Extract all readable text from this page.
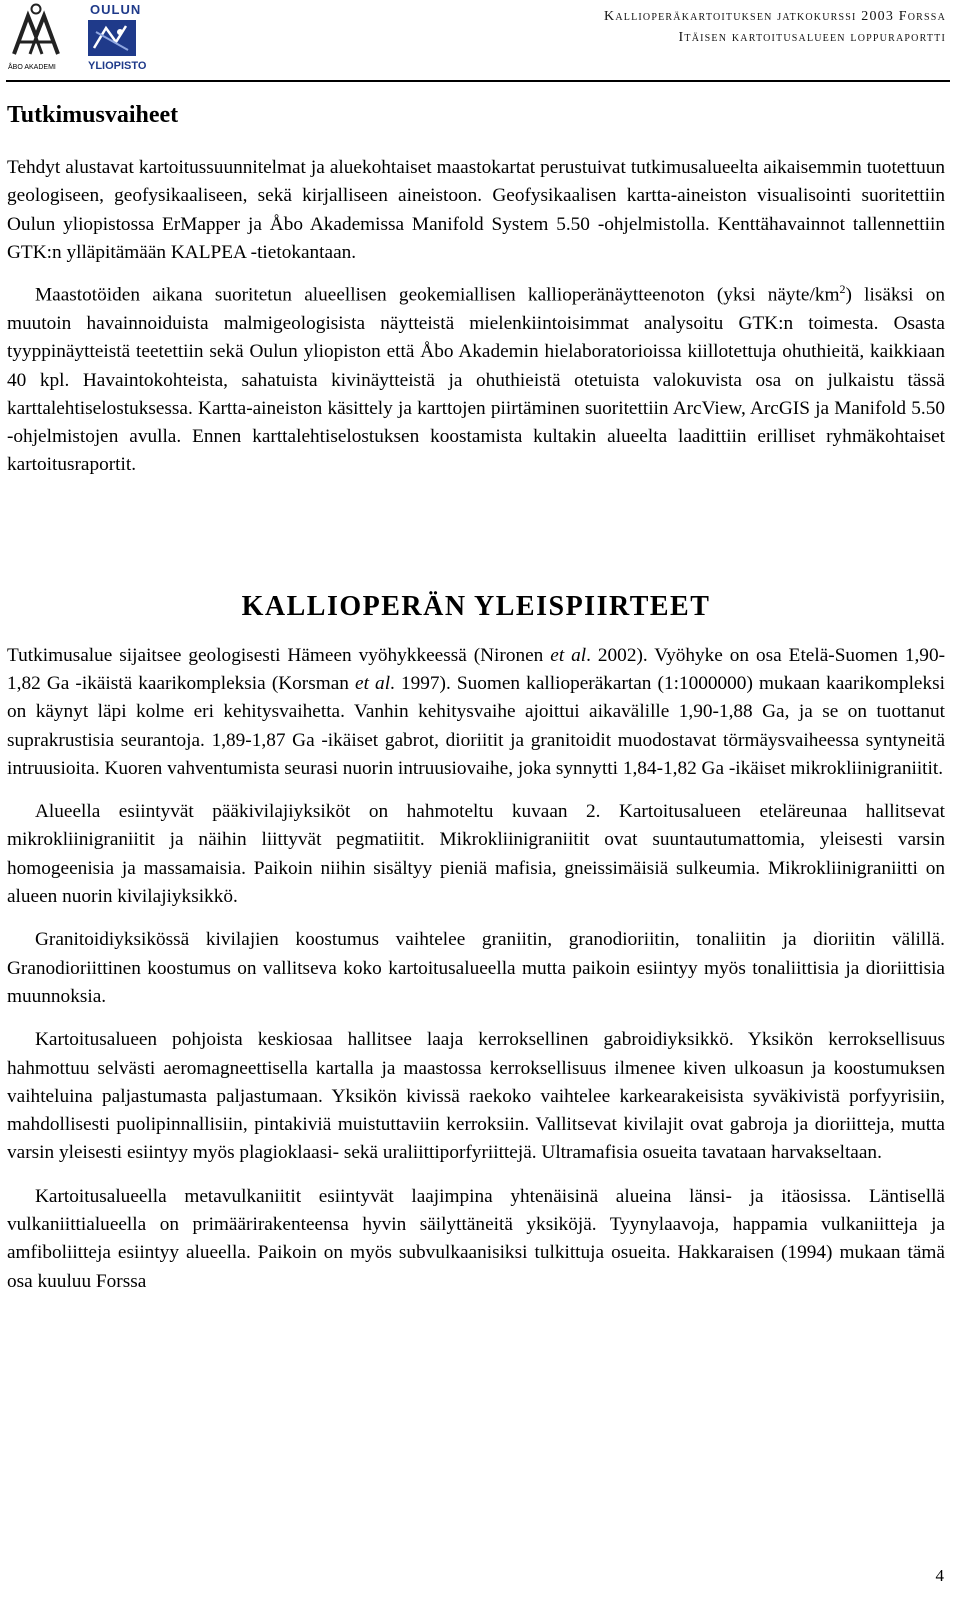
ÅBO AKADEMI
OULUN
YLIOPISTO
Kallioperäkartoituksen jatkokurssi 2003 Forssa
Itäisen kartoitusalueen loppuraportti
Tutkimusvaiheet

Tehdyt alustavat kartoitussuunnitelmat ja aluekohtaiset maastokartat perustuivat tutkimusalueelta aikaisemmin tuotettuun geologiseen, geofysikaaliseen, sekä kirjalliseen aineistoon. Geofysikaalisen kartta-aineiston visualisointi suoritettiin Oulun yliopistossa ErMapper ja Åbo Akademissa Manifold System 5.50 -ohjelmistolla. Kenttähavainnot tallennettiin GTK:n ylläpitämään KALPEA -tietokantaan.

Maastotöiden aikana suoritetun alueellisen geokemiallisen kallioperänäytteenoton (yksi näyte/$km^2$) lisäksi on muutoin havainnoiduista malmigeologisista näytteistä mielenkiintoisimmat analysoitu GTK:n toimesta. Osasta tyyppinäytteistä teetettiin sekä Oulun yliopiston että Åbo Akademin hielaboratorioissa kiillotettuja ohuthieitä, kaikkiaan 40 kpl. Havaintokohteista, sahatuista kivinäytteistä ja ohuthieistä otetuista valokuvista osa on julkaistu tässä karttalehtiselostuksessa. Kartta-aineiston käsittely ja karttojen piirtäminen suoritettiin ArcView, ArcGIS ja Manifold 5.50 -ohjelmistojen avulla. Ennen karttalehtiselostuksen koostamista kultakin alueelta laadittiin erilliset ryhmäkohtaiset kartoitusraportit.

KALLIOPERÄN YLEISPIIRTEET

Tutkimusalue sijaitsee geologisesti Hämeen vyöhykkeessä (Nironen et al. 2002). Vyöhyke on osa Etelä-Suomen 1,90-1,82 Ga -ikäistä kaarikompleksia (Korsman et al. 1997). Suomen kallioperäkartan (1:1000000) mukaan kaarikompleksi on käynyt läpi kolme eri kehitysvaihetta. Vanhin kehitysvaihe ajoittui aikavälille 1,90-1,88 Ga, ja se on tuottanut suprakrustisia seurantoja. 1,89-1,87 Ga -ikäiset gabrot, dioriitit ja granitoidit muodostavat törmäysvaiheessa syntyneitä intruusioita. Kuoren vahventumista seurasi nuorin intruusiovaihe, joka synnytti 1,84-1,82 Ga -ikäiset mikrokliinigraniitit.

Alueella esiintyvät pääkivilajiyksiköt on hahmoteltu kuvaan 2. Kartoitusalueen eteläreunaa hallitsevat mikrokliinigraniitit ja näihin liittyvät pegmatiitit. Mikrokliinigraniitit ovat suuntautumattomia, yleisesti varsin homogeenisia ja massamaisia. Paikoin niihin sisältyy pieniä mafisia, gneissimäisiä sulkeumia. Mikrokliinigraniitti on alueen nuorin kivilajiyksikkö.

Granitoidiyksikössä kivilajien koostumus vaihtelee graniitin, granodioriitin, tonaliitin ja dioriitin välillä. Granodioriittinen koostumus on vallitseva koko kartoitusalueella mutta paikoin esiintyy myös tonaliittisia ja dioriittisia muunnoksia.

Kartoitusalueen pohjoista keskiosaa hallitsee laaja kerroksellinen gabroidiyksikkö. Yksikön kerroksellisuus hahmottuu selvästi aeromagneettisella kartalla ja maastossa kerroksellisuus ilmenee kiven ulkoasun ja koostumuksen vaihteluina paljastumasta paljastumaan. Yksikön kivissä raekoko vaihtelee karkearakeisista syväkivistä porfyyrisiin, mahdollisesti puolipinnallisiin, pintakiviä muistuttaviin kerroksiin. Vallitsevat kivilajit ovat gabroja ja dioriitteja, mutta varsin yleisesti esiintyy myös plagioklaasi- sekä uraliittiporfyriittejä. Ultramafisia osueita tavataan harvakseltaan.

Kartoitusalueella metavulkaniitit esiintyvät laajimpina yhtenäisinä alueina länsi- ja itäosissa. Läntisellä vulkaniittialueella on primäärirakenteensa hyvin säilyttäneitä yksiköjä. Tyynylaavoja, happamia vulkaniitteja ja amfiboliitteja esiintyy alueella. Paikoin on myös subvulkaanisiksi tulkittuja osueita. Hakkaraisen (1994) mukaan tämä osa kuuluu Forssa

4
